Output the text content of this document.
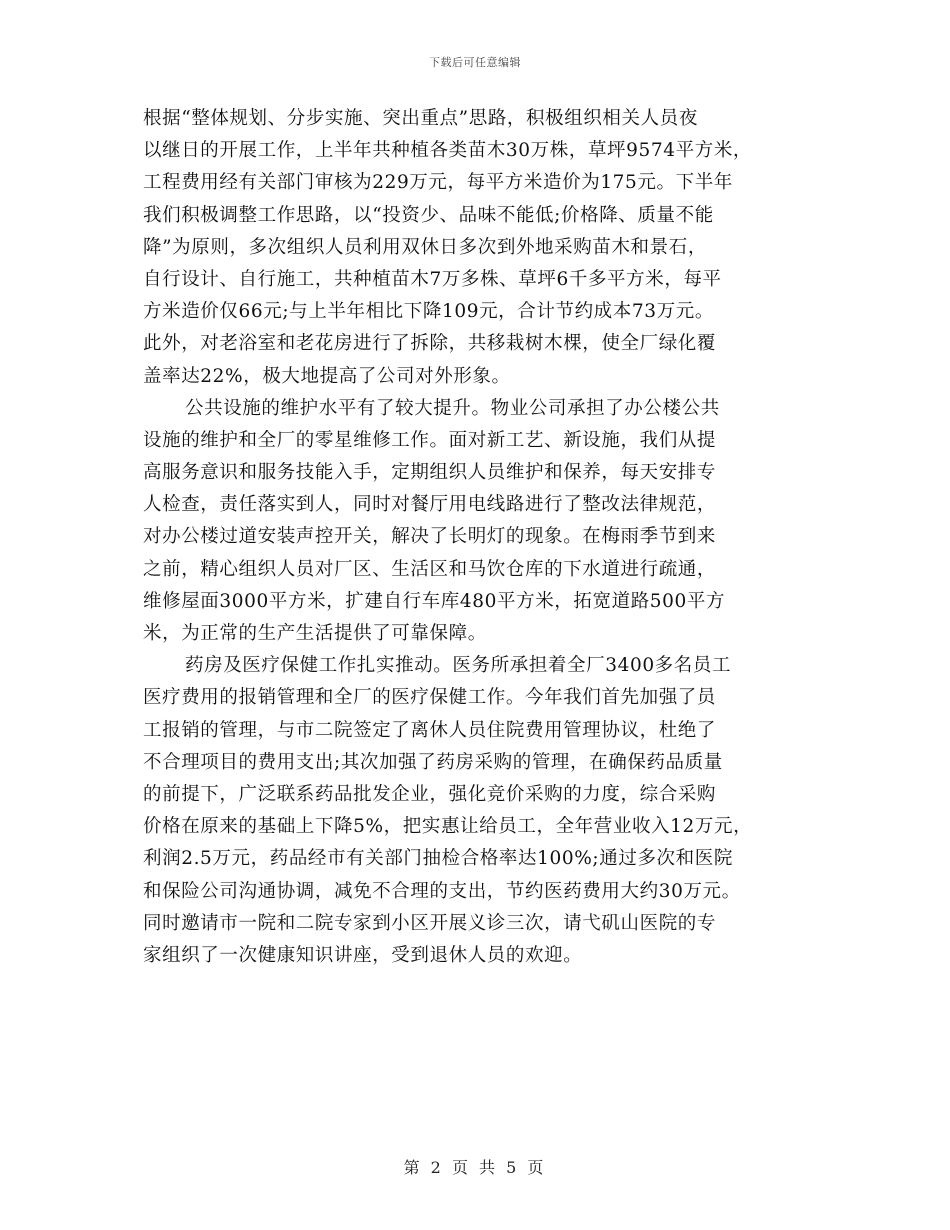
下载后可任意编辑
根据“整体规划、分步实施、突出重点”思路，积极组织相关人员夜
以继日的开展工作，上半年共种植各类苗木30万株，草坪9574平方米，
工程费用经有关部门审核为229万元，每平方米造价为175元。下半年
我们积极调整工作思路，以“投资少、品味不能低;价格降、质量不能
降”为原则，多次组织人员利用双休日多次到外地采购苗木和景石，
自行设计、自行施工，共种植苗木7万多株、草坪6千多平方米，每平
方米造价仅66元;与上半年相比下降109元，合计节约成本73万元。
此外，对老浴室和老花房进行了拆除，共移栽树木棵，使全厂绿化覆
盖率达22%，极大地提高了公司对外形象。
公共设施的维护水平有了较大提升。物业公司承担了办公楼公共
设施的维护和全厂的零星维修工作。面对新工艺、新设施，我们从提
高服务意识和服务技能入手，定期组织人员维护和保养，每天安排专
人检查，责任落实到人，同时对餐厅用电线路进行了整改法律规范，
对办公楼过道安装声控开关，解决了长明灯的现象。在梅雨季节到来
之前，精心组织人员对厂区、生活区和马饮仓库的下水道进行疏通，
维修屋面3000平方米，扩建自行车库480平方米，拓宽道路500平方
米，为正常的生产生活提供了可靠保障。
药房及医疗保健工作扎实推动。医务所承担着全厂3400多名员工
医疗费用的报销管理和全厂的医疗保健工作。今年我们首先加强了员
工报销的管理，与市二院签定了离休人员住院费用管理协议，杜绝了
不合理项目的费用支出;其次加强了药房采购的管理，在确保药品质量
的前提下，广泛联系药品批发企业，强化竞价采购的力度，综合采购
价格在原来的基础上下降5%，把实惠让给员工，全年营业收入12万元，
利润2.5万元，药品经市有关部门抽检合格率达100%;通过多次和医院
和保险公司沟通协调，减免不合理的支出，节约医药费用大约30万元。
同时邀请市一院和二院专家到小区开展义诊三次，请弋矶山医院的专
家组织了一次健康知识讲座，受到退休人员的欢迎。
第 2 页 共 5 页
